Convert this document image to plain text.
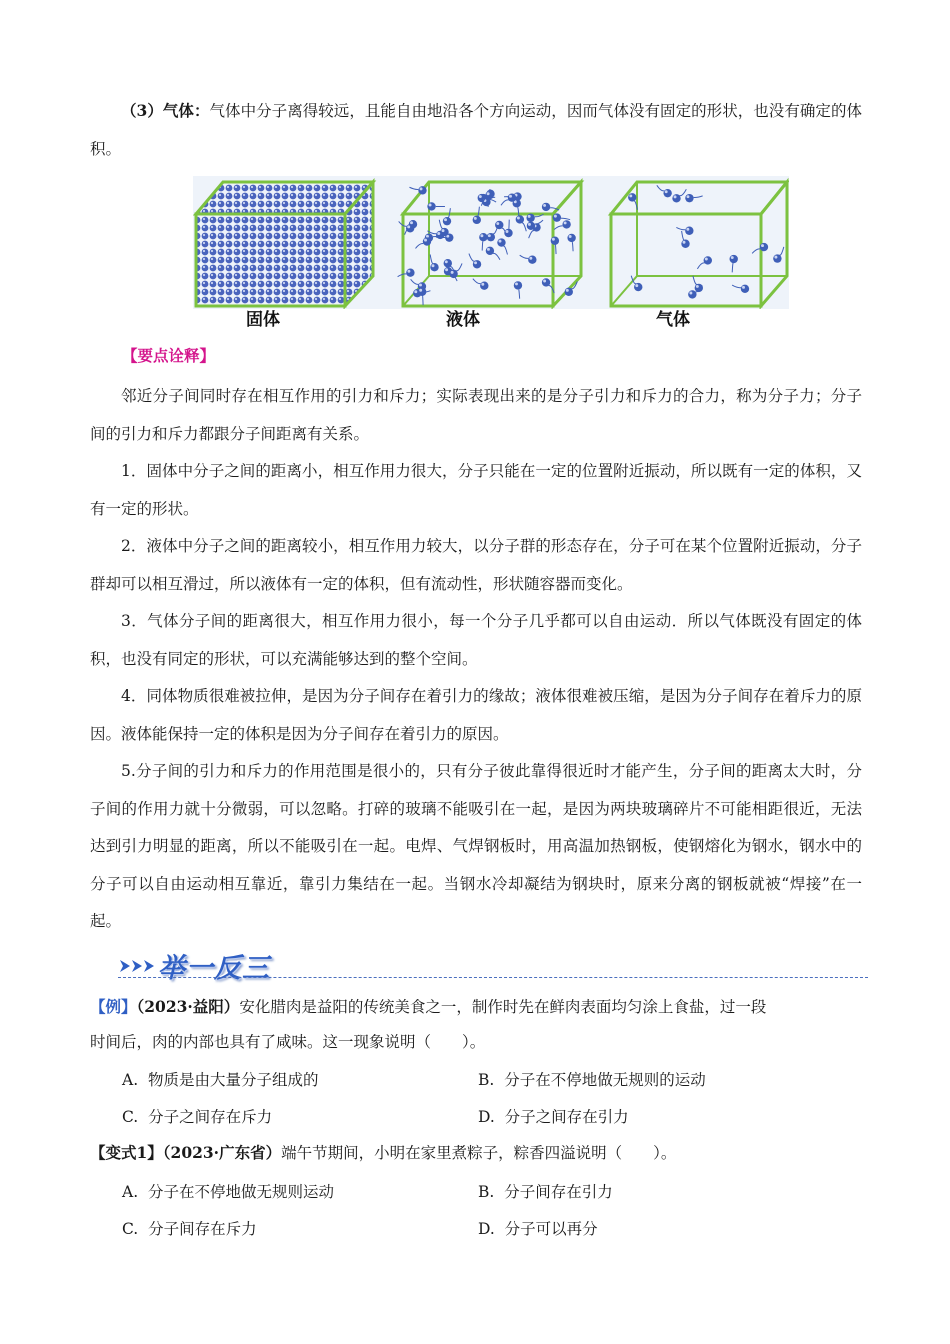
（3）气体：气体中分子离得较远，且能自由地沿各个方向运动，因而气体没有固定的形状，也没有确定的体积。

固体	液体	气体
【要点诠释】

邻近分子间同时存在相互作用的引力和斥力；实际表现出来的是分子引力和斥力的合力，称为分子力；分子间的引力和斥力都跟分子间距离有关系。

1．固体中分子之间的距离小，相互作用力很大，分子只能在一定的位置附近振动，所以既有一定的体积，又有一定的形状。

2．液体中分子之间的距离较小，相互作用力较大，以分子群的形态存在，分子可在某个位置附近振动，分子群却可以相互滑过，所以液体有一定的体积，但有流动性，形状随容器而变化。

3．气体分子间的距离很大，相互作用力很小，每一个分子几乎都可以自由运动．所以气体既没有固定的体积，也没有同定的形状，可以充满能够达到的整个空间。

4．同体物质很难被拉伸，是因为分子间存在着引力的缘故；液体很难被压缩，是因为分子间存在着斥力的原因。液体能保持一定的体积是因为分子间存在着引力的原因。

5.分子间的引力和斥力的作用范围是很小的，只有分子彼此靠得很近时才能产生，分子间的距离太大时，分子间的作用力就十分微弱，可以忽略。打碎的玻璃不能吸引在一起，是因为两块玻璃碎片不可能相距很近，无法达到引力明显的距离，所以不能吸引在一起。电焊、气焊钢板时，用高温加热钢板，使钢熔化为钢水，钢水中的分子可以自由运动相互靠近，靠引力集结在一起。当钢水冷却凝结为钢块时，原来分离的钢板就被“焊接”在一起。

举一反三

【例】（2023·益阳）安化腊肉是益阳的传统美食之一，制作时先在鲜肉表面均匀涂上食盐，过一段

时间后，肉的内部也具有了咸味。这一现象说明（　　）。

A. 物质是由大量分子组成的	B. 分子在不停地做无规则的运动
C. 分子之间存在斥力	D. 分子之间存在引力

【变式1】（2023·广东省）端午节期间，小明在家里煮粽子，粽香四溢说明（　　）。

A. 分子在不停地做无规则运动	B. 分子间存在引力
C. 分子间存在斥力	D. 分子可以再分
